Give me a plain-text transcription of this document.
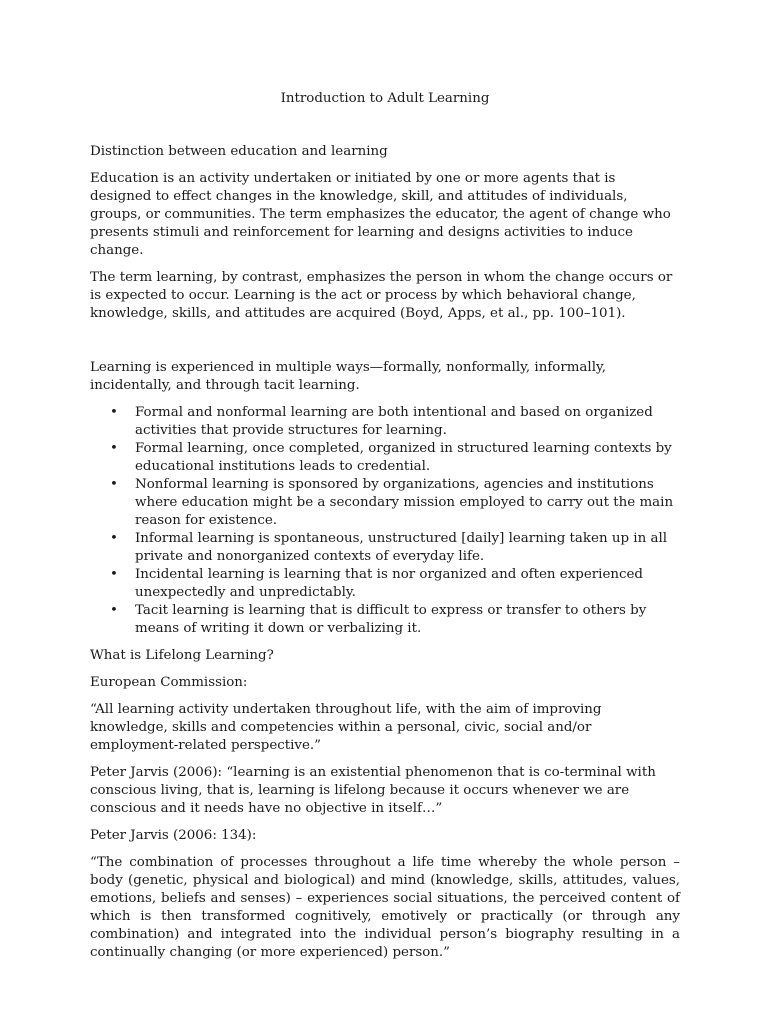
Introduction to Adult Learning

Distinction between education and learning

Education is an activity undertaken or initiated by one or more agents that is designed to effect changes in the knowledge, skill, and attitudes of individuals, groups, or communities. The term emphasizes the educator, the agent of change who presents stimuli and reinforcement for learning and designs activities to induce change.

The term learning, by contrast, emphasizes the person in whom the change occurs or is expected to occur. Learning is the act or process by which behavioral change, knowledge, skills, and attitudes are acquired (Boyd, Apps, et al., pp. 100–101).

Learning is experienced in multiple ways—formally, nonformally, informally, incidentally, and through tacit learning.

• Formal and nonformal learning are both intentional and based on organized activities that provide structures for learning.
• Formal learning, once completed, organized in structured learning contexts by educational institutions leads to credential.
• Nonformal learning is sponsored by organizations, agencies and institutions where education might be a secondary mission employed to carry out the main reason for existence.
• Informal learning is spontaneous, unstructured [daily] learning taken up in all private and nonorganized contexts of everyday life.
• Incidental learning is learning that is nor organized and often experienced unexpectedly and unpredictably.
• Tacit learning is learning that is difficult to express or transfer to others by means of writing it down or verbalizing it.

What is Lifelong Learning?

European Commission:

“All learning activity undertaken throughout life, with the aim of improving knowledge, skills and competencies within a personal, civic, social and/or employment-related perspective.”

Peter Jarvis (2006): “learning is an existential phenomenon that is co-terminal with conscious living, that is, learning is lifelong because it occurs whenever we are conscious and it needs have no objective in itself…”

Peter Jarvis (2006: 134):

“The combination of processes throughout a life time whereby the whole person – body (genetic, physical and biological) and mind (knowledge, skills, attitudes, values, emotions, beliefs and senses) – experiences social situations, the perceived content of which is then transformed cognitively, emotively or practically (or through any combination) and integrated into the individual person’s biography resulting in a continually changing (or more experienced) person.”
